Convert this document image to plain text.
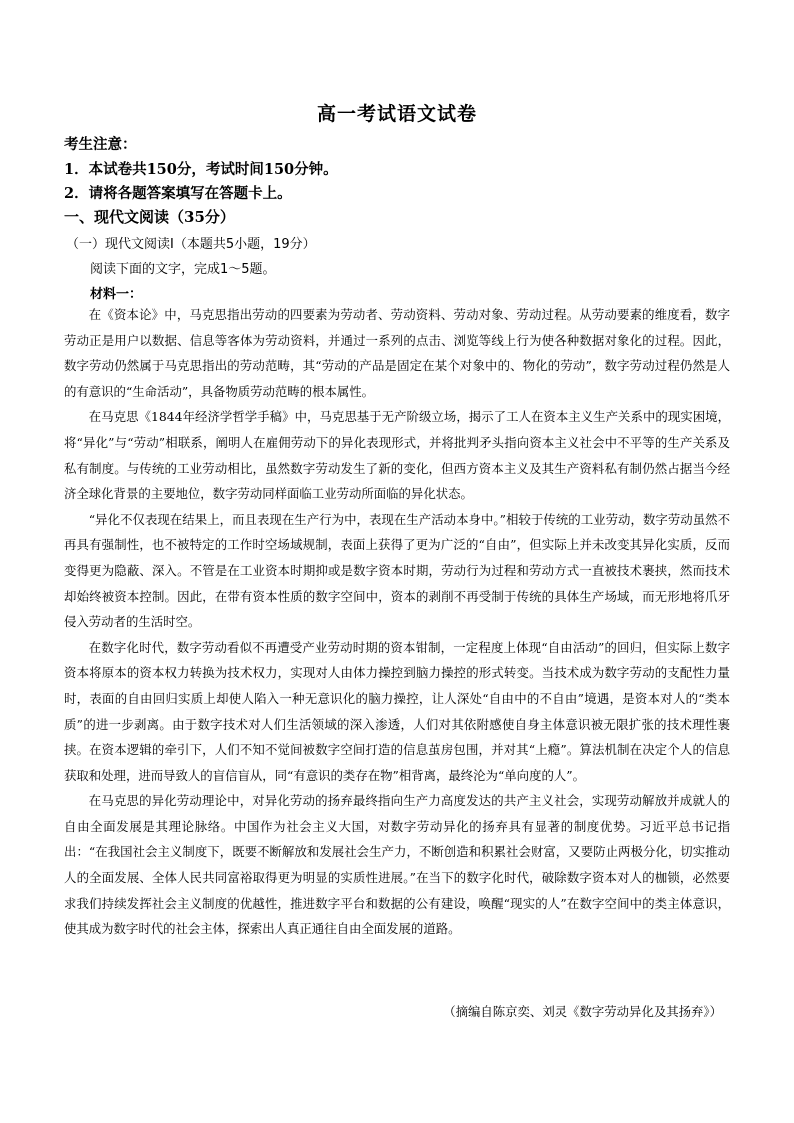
高一考试语文试卷
考生注意：
1．本试卷共150分，考试时间150分钟。
2．请将各题答案填写在答题卡上。
一、现代文阅读（35分）
（一）现代文阅读Ⅰ（本题共5小题，19分）
阅读下面的文字，完成1～5题。
材料一：

在《资本论》中，马克思指出劳动的四要素为劳动者、劳动资料、劳动对象、劳动过程。从劳动要素的维度看，数字劳动正是用户以数据、信息等客体为劳动资料，并通过一系列的点击、浏览等线上行为使各种数据对象化的过程。因此，数字劳动仍然属于马克思指出的劳动范畴，其“劳动的产品是固定在某个对象中的、物化的劳动”，数字劳动过程仍然是人的有意识的“生命活动”，具备物质劳动范畴的根本属性。

在马克思《1844年经济学哲学手稿》中，马克思基于无产阶级立场，揭示了工人在资本主义生产关系中的现实困境，将“异化”与“劳动”相联系，阐明人在雇佣劳动下的异化表现形式，并将批判矛头指向资本主义社会中不平等的生产关系及私有制度。与传统的工业劳动相比，虽然数字劳动发生了新的变化，但西方资本主义及其生产资料私有制仍然占据当今经济全球化背景的主要地位，数字劳动同样面临工业劳动所面临的异化状态。

“异化不仅表现在结果上，而且表现在生产行为中，表现在生产活动本身中。”相较于传统的工业劳动，数字劳动虽然不再具有强制性，也不被特定的工作时空场域规制，表面上获得了更为广泛的“自由”，但实际上并未改变其异化实质，反而变得更为隐蔽、深入。不管是在工业资本时期抑或是数字资本时期，劳动行为过程和劳动方式一直被技术裹挟，然而技术却始终被资本控制。因此，在带有资本性质的数字空间中，资本的剥削不再受制于传统的具体生产场域，而无形地将爪牙侵入劳动者的生活时空。

在数字化时代，数字劳动看似不再遭受产业劳动时期的资本钳制，一定程度上体现“自由活动”的回归，但实际上数字资本将原本的资本权力转换为技术权力，实现对人由体力操控到脑力操控的形式转变。当技术成为数字劳动的支配性力量时，表面的自由回归实质上却使人陷入一种无意识化的脑力操控，让人深处“自由中的不自由”境遇，是资本对人的“类本质”的进一步剥离。由于数字技术对人们生活领域的深入渗透，人们对其依附感使自身主体意识被无限扩张的技术理性裹挟。在资本逻辑的牵引下，人们不知不觉间被数字空间打造的信息茧房包围，并对其“上瘾”。算法机制在决定个人的信息获取和处理，进而导致人的盲信盲从，同“有意识的类存在物”相背离，最终沦为“单向度的人”。

在马克思的异化劳动理论中，对异化劳动的扬弃最终指向生产力高度发达的共产主义社会，实现劳动解放并成就人的自由全面发展是其理论脉络。中国作为社会主义大国，对数字劳动异化的扬弃具有显著的制度优势。习近平总书记指出：“在我国社会主义制度下，既要不断解放和发展社会生产力，不断创造和积累社会财富，又要防止两极分化，切实推动人的全面发展、全体人民共同富裕取得更为明显的实质性进展。”在当下的数字化时代，破除数字资本对人的枷锁，必然要求我们持续发挥社会主义制度的优越性，推进数字平台和数据的公有建设，唤醒“现实的人”在数字空间中的类主体意识，使其成为数字时代的社会主体，探索出人真正通往自由全面发展的道路。

（摘编自陈京奕、刘灵《数字劳动异化及其扬弃》）
